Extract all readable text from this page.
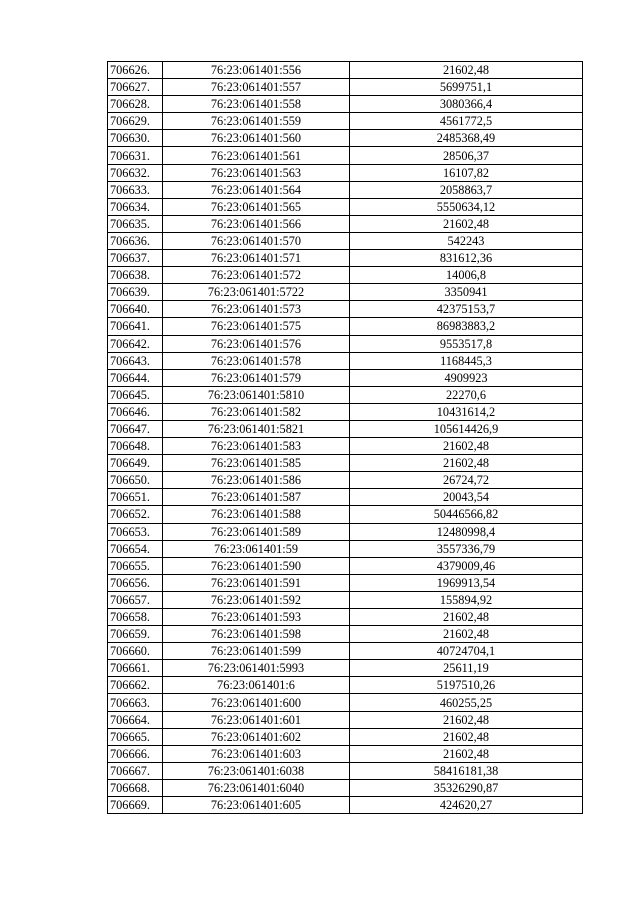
706626.	76:23:061401:556	21602,48
706627.	76:23:061401:557	5699751,1
706628.	76:23:061401:558	3080366,4
706629.	76:23:061401:559	4561772,5
706630.	76:23:061401:560	2485368,49
706631.	76:23:061401:561	28506,37
706632.	76:23:061401:563	16107,82
706633.	76:23:061401:564	2058863,7
706634.	76:23:061401:565	5550634,12
706635.	76:23:061401:566	21602,48
706636.	76:23:061401:570	542243
706637.	76:23:061401:571	831612,36
706638.	76:23:061401:572	14006,8
706639.	76:23:061401:5722	3350941
706640.	76:23:061401:573	42375153,7
706641.	76:23:061401:575	86983883,2
706642.	76:23:061401:576	9553517,8
706643.	76:23:061401:578	1168445,3
706644.	76:23:061401:579	4909923
706645.	76:23:061401:5810	22270,6
706646.	76:23:061401:582	10431614,2
706647.	76:23:061401:5821	105614426,9
706648.	76:23:061401:583	21602,48
706649.	76:23:061401:585	21602,48
706650.	76:23:061401:586	26724,72
706651.	76:23:061401:587	20043,54
706652.	76:23:061401:588	50446566,82
706653.	76:23:061401:589	12480998,4
706654.	76:23:061401:59	3557336,79
706655.	76:23:061401:590	4379009,46
706656.	76:23:061401:591	1969913,54
706657.	76:23:061401:592	155894,92
706658.	76:23:061401:593	21602,48
706659.	76:23:061401:598	21602,48
706660.	76:23:061401:599	40724704,1
706661.	76:23:061401:5993	25611,19
706662.	76:23:061401:6	5197510,26
706663.	76:23:061401:600	460255,25
706664.	76:23:061401:601	21602,48
706665.	76:23:061401:602	21602,48
706666.	76:23:061401:603	21602,48
706667.	76:23:061401:6038	58416181,38
706668.	76:23:061401:6040	35326290,87
706669.	76:23:061401:605	424620,27
